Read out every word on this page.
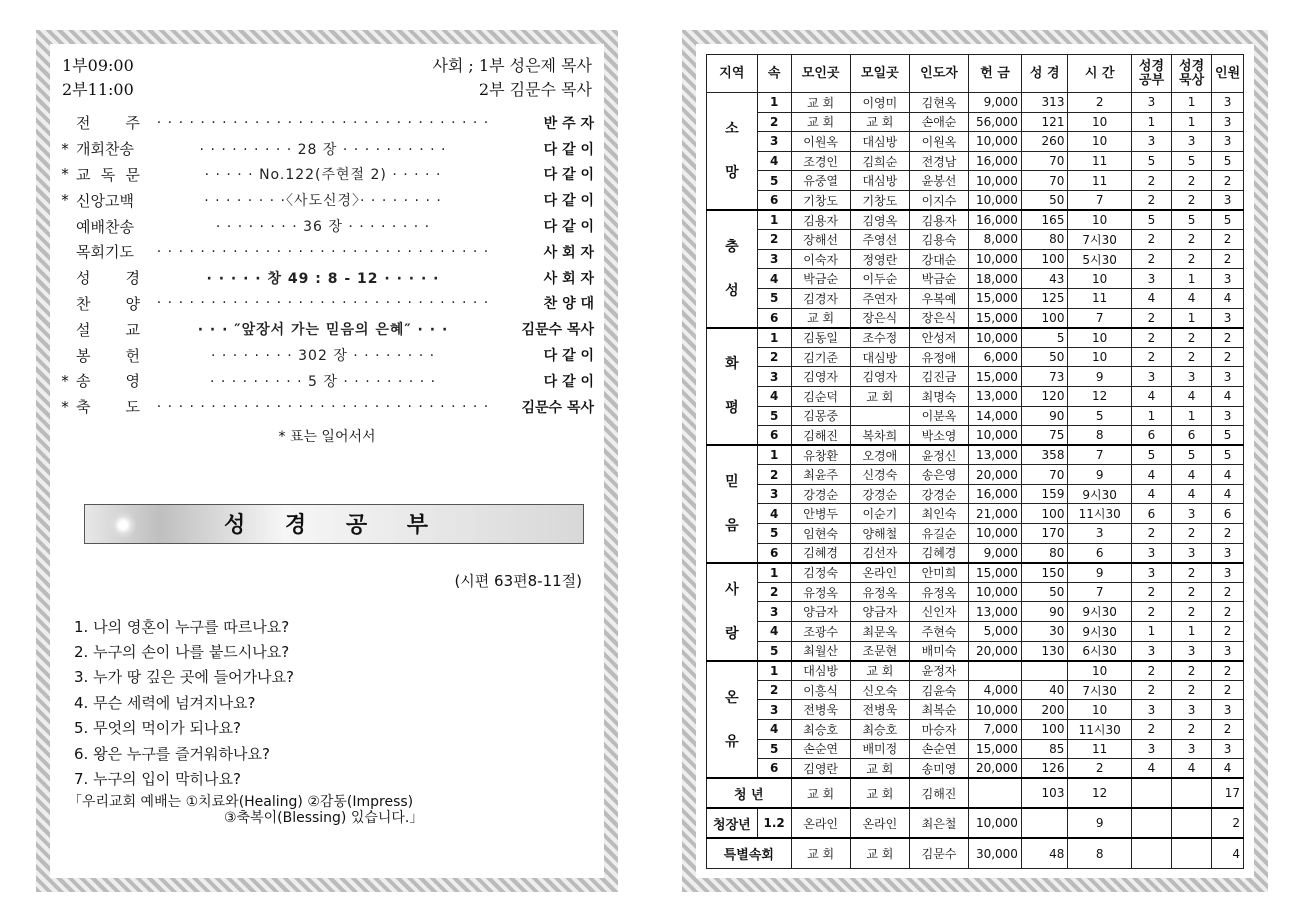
1부09:00	사회 ; 1부 성은제 목사
2부11:00	2부 김문수 목사
전 주	· · · · · · · · · · · · · · · · · · · · · · · · · · · · · · ·	반 주 자
* 개회찬송	· · · · · · · · · 28 장 · · · · · · · · · ·	다 같 이
* 교 독 문	· · · · · No.122(주현절 2) · · · · ·	다 같 이
* 신앙고백	· · · · · · · ·〈사도신경〉· · · · · · · ·	다 같 이
예배찬송	· · · · · · · · 36 장 · · · · · · · ·	다 같 이
목회기도	· · · · · · · · · · · · · · · · · · · · · · · · · · · · · · ·	사 회 자
성 경	· · · · · 창 49 : 8 - 12 · · · · ·	사 회 자
찬 양	· · · · · · · · · · · · · · · · · · · · · · · · · · · · · · ·	찬 양 대
설 교	· · · ″앞장서 가는 믿음의 은혜″ · · ·	김문수 목사
봉 헌	· · · · · · · · 302 장 · · · · · · · ·	다 같 이
* 송 영	· · · · · · · · · 5 장 · · · · · · · · ·	다 같 이
* 축 도	· · · · · · · · · · · · · · · · · · · · · · · · · · · · · · ·	김문수 목사
* 표는 일어서서
성 경 공 부
(시편 63편8-11절)
1. 나의 영혼이 누구를 따르나요?
2. 누구의 손이 나를 붙드시나요?
3. 누가 땅 깊은 곳에 들어가나요?
4. 무슨 세력에 넘겨지나요?
5. 무엇의 먹이가 되나요?
6. 왕은 누구를 즐거워하나요?
7. 누구의 입이 막히나요?
「우리교회 예배는 ①치료와(Healing) ②감동(Impress)
③축복이(Blessing) 있습니다.」
지역	속	모인곳	모일곳	인도자	헌 금	성 경	시 간	성경 공부	성경 묵상	인원
소

망	1	교 회	이영미	김현옥	9,000	313	2	3	1	3
	2	교 회	교 회	손애순	56,000	121	10	1	1	3
	3	이원옥	대심방	이원옥	10,000	260	10	3	3	3
	4	조경인	김희순	전경남	16,000	70	11	5	5	5
	5	유중열	대심방	윤봉선	10,000	70	11	2	2	2
	6	기창도	기창도	이지수	10,000	50	7	2	2	3
충

성	1	김용자	김영옥	김용자	16,000	165	10	5	5	5
	2	장해선	주영선	김용숙	8,000	80	7시30	2	2	2
	3	이숙자	정영란	강대순	10,000	100	5시30	2	2	2
	4	박금순	이두순	박금순	18,000	43	10	3	1	3
	5	김경자	주연자	우복예	15,000	125	11	4	4	4
	6	교 회	장은식	장은식	15,000	100	7	2	1	3
화

평	1	김동일	조수정	안성저	10,000	5	10	2	2	2
	2	김기준	대심방	유정애	6,000	50	10	2	2	2
	3	김영자	김영자	김진금	15,000	73	9	3	3	3
	4	김순덕	교 회	최명숙	13,000	120	12	4	4	4
	5	김몽중		이분옥	14,000	90	5	1	1	3
	6	김해진	복차희	박소영	10,000	75	8	6	6	5
믿

음	1	유창환	오경애	윤정신	13,000	358	7	5	5	5
	2	최윤주	신경숙	송은영	20,000	70	9	4	4	4
	3	강경순	강경순	강경순	16,000	159	9시30	4	4	4
	4	안병두	이순기	최인숙	21,000	100	11시30	6	3	6
	5	임현숙	양해철	유길순	10,000	170	3	2	2	2
	6	김혜경	김선자	김혜경	9,000	80	6	3	3	3
사

랑	1	김정숙	온라인	안미희	15,000	150	9	3	2	3
	2	유정옥	유정옥	유정옥	10,000	50	7	2	2	2
	3	양금자	양금자	신인자	13,000	90	9시30	2	2	2
	4	조광수	최문옥	주현숙	5,000	30	9시30	1	1	2
	5	최월산	조문현	배미숙	20,000	130	6시30	3	3	3
온

유	1	대심방	교 회	윤정자			10	2	2	2
	2	이흥식	신오숙	김윤숙	4,000	40	7시30	2	2	2
	3	전병욱	전병욱	최복순	10,000	200	10	3	3	3
	4	최승호	최승호	마승자	7,000	100	11시30	2	2	2
	5	손순연	배미정	손순연	15,000	85	11	3	3	3
	6	김영란	교 회	송미영	20,000	126	2	4	4	4
청 년		교 회	교 회	김해진		103	12			17
청장년	1.2	온라인	온라인	최은철	10,000		9			2
특별속회		교 회	교 회	김문수	30,000	48	8			4
